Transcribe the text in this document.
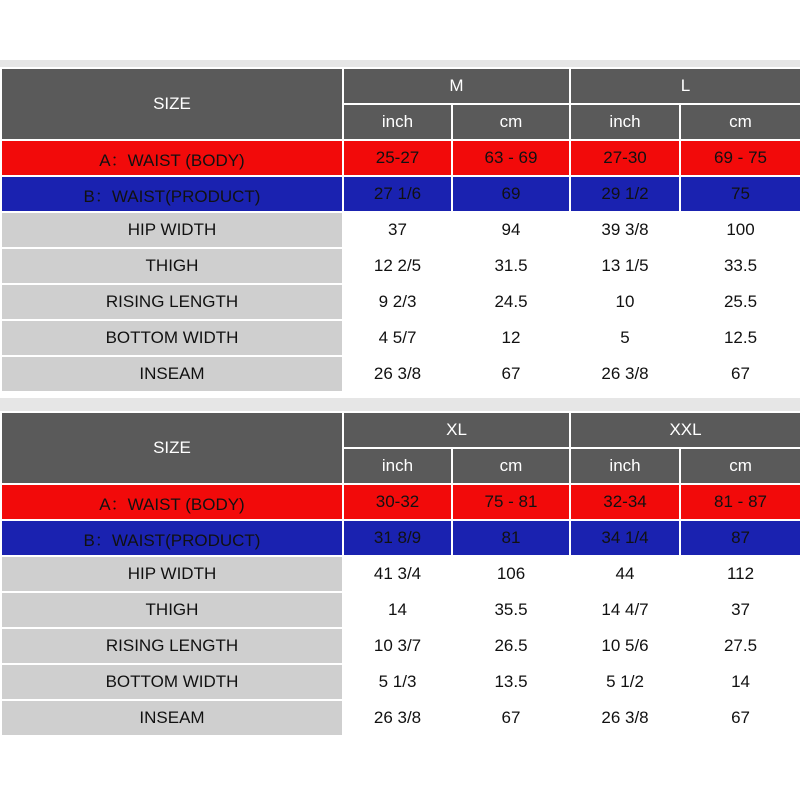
SIZE	M		L	
	inch	cm	inch	cm
A：WAIST (BODY)	25-27	63 - 69	27-30	69 - 75
B：WAIST(PRODUCT)	27 1/6	69	29 1/2	75
HIP WIDTH	37	94	39 3/8	100
THIGH	12 2/5	31.5	13 1/5	33.5
RISING LENGTH	9 2/3	24.5	10	25.5
BOTTOM WIDTH	4 5/7	12	5	12.5
INSEAM	26 3/8	67	26 3/8	67
SIZE	XL		XXL	
	inch	cm	inch	cm
A：WAIST (BODY)	30-32	75 - 81	32-34	81 - 87
B：WAIST(PRODUCT)	31 8/9	81	34 1/4	87
HIP WIDTH	41 3/4	106	44	112
THIGH	14	35.5	14 4/7	37
RISING LENGTH	10 3/7	26.5	10 5/6	27.5
BOTTOM WIDTH	5 1/3	13.5	5 1/2	14
INSEAM	26 3/8	67	26 3/8	67
